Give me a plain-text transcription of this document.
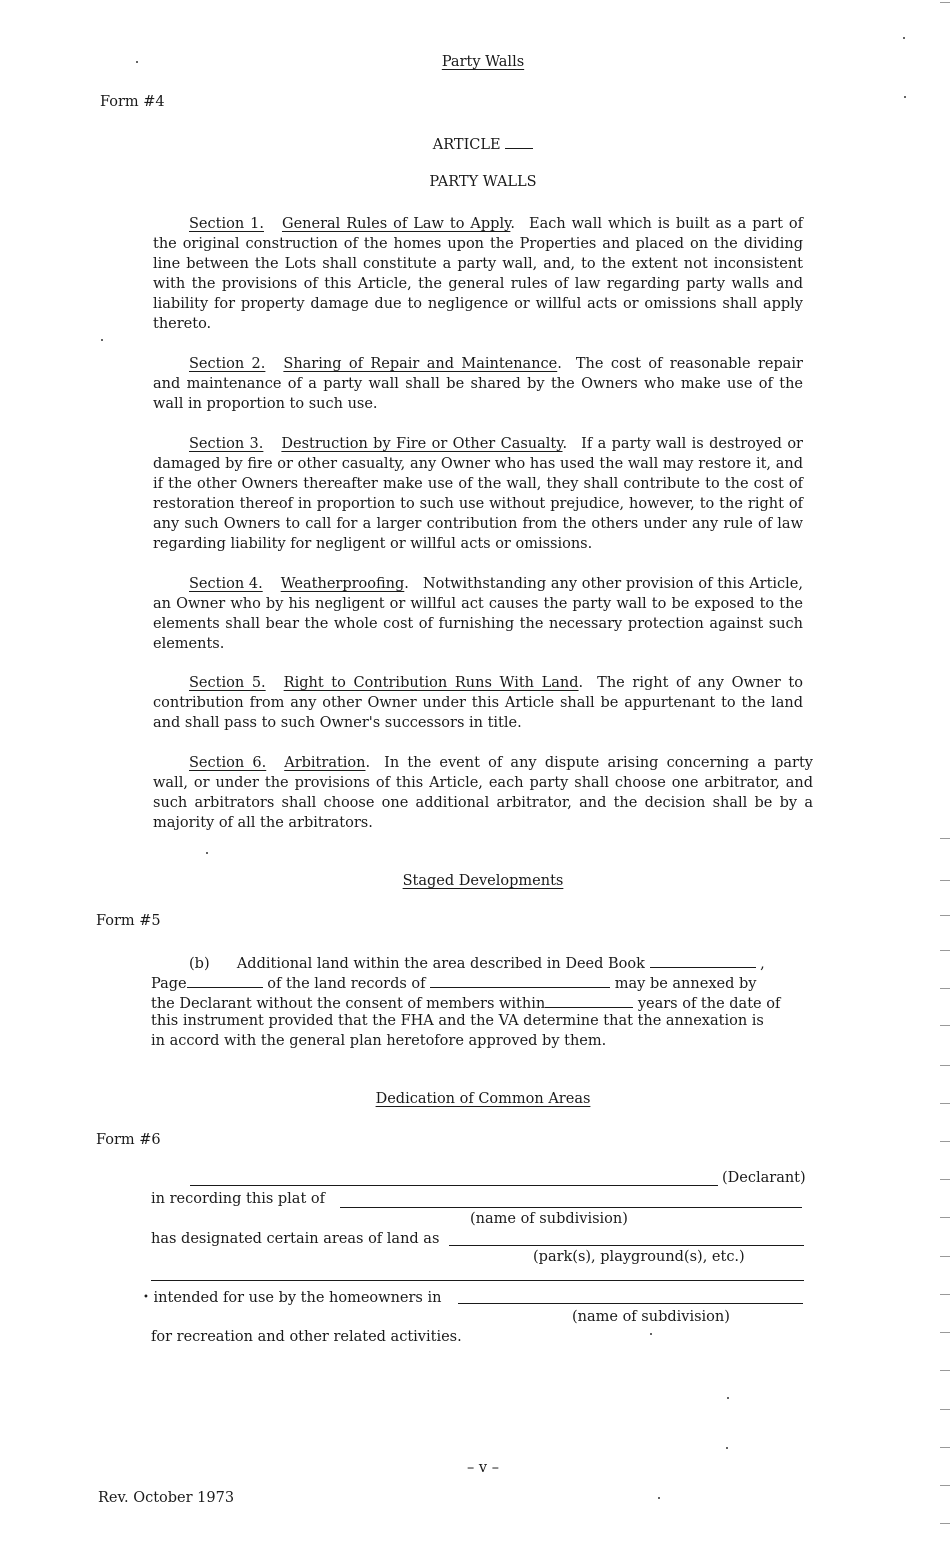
Party Walls
Form #4
ARTICLE
PARTY WALLS
Section 1. General Rules of Law to Apply. Each wall which is built as a part of the original construction of the homes upon the Properties and placed on the dividing line between the Lots shall constitute a party wall, and, to the extent not inconsistent with the provisions of this Article, the general rules of law regarding party walls and liability for property damage due to negligence or willful acts or omissions shall apply thereto.
Section 2. Sharing of Repair and Maintenance. The cost of reasonable repair and maintenance of a party wall shall be shared by the Owners who make use of the wall in proportion to such use.
Section 3. Destruction by Fire or Other Casualty. If a party wall is destroyed or damaged by fire or other casualty, any Owner who has used the wall may restore it, and if the other Owners thereafter make use of the wall, they shall contribute to the cost of restoration thereof in proportion to such use without prejudice, however, to the right of any such Owners to call for a larger contribution from the others under any rule of law regarding liability for negligent or willful acts or omissions.
Section 4. Weatherproofing. Notwithstanding any other provision of this Article, an Owner who by his negligent or willful act causes the party wall to be exposed to the elements shall bear the whole cost of furnishing the necessary protection against such elements.
Section 5. Right to Contribution Runs With Land. The right of any Owner to contribution from any other Owner under this Article shall be appurtenant to the land and shall pass to such Owner's successors in title.
Section 6. Arbitration. In the event of any dispute arising concerning a party wall, or under the provisions of this Article, each party shall choose one arbitrator, and such arbitrators shall choose one additional arbitrator, and the decision shall be by a majority of all the arbitrators.
Staged Developments
Form #5
(b) Additional land within the area described in Deed Book	,
Page	of the land records of	may be annexed by
the Declarant without the consent of members within	years of the date of
this instrument provided that the FHA and the VA determine that the annexation is
in accord with the general plan heretofore approved by them.
Dedication of Common Areas
Form #6
(Declarant)
in recording this plat of
(name of subdivision)
has designated certain areas of land as
(park(s), playground(s), etc.)
• intended for use by the homeowners in
(name of subdivision)
for recreation and other related activities.
– v –
Rev. October 1973
